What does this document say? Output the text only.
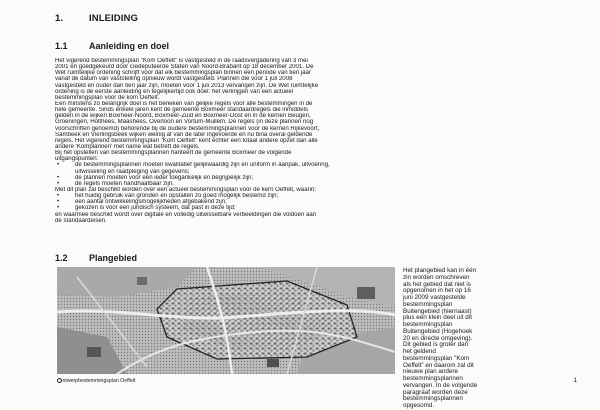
1.	INLEIDING
1.1 Aanleiding en doel
Het vigerend bestemmingsplan "Kom Oeffelt" is vastgesteld in de raadsvergadering van 3 mei
2001 en goedgekeurd door Gedeputeerde Staten van Noord-Brabant op 18 december 2001. De
Wet ruimtelijke ordening schrijft voor dat elk bestemmingsplan binnen een periode van tien jaar
vanaf de datum van vaststelling opnieuw wordt vastgesteld. Plannen die voor 1 juli 2008
vastgesteld en ouder dan tien jaar zijn, moeten voor 1 juli 2013 vervangen zijn. De Wet ruimtelijke
ordening is de eerste aanleiding en tegelijkertijd ook doel: het verkrijgen van een actueel
bestemmingsplan voor de kom Oeffelt.
Een minstens zo belangrijk doel is het bereiken van gelijke regels voor alle bestemmingen in de
hele gemeente. Sinds enkele jaren kent de gemeente Boxmeer standaardregels die inmiddels
gelden in de wijken Boxmeer-Noord, Boxmeer-Zuid en Boxmeer-Oost en in de kernen Beugen,
Groeningen, Holthees, Maashees, Overloon en Vortum-Mullem. De regels (in deze plannen nog
voorschriften genoemd) behorende bij de oudere bestemmingsplannen voor de kernen Rijkevoort,
Sambeek en Vierlingsbeek wijken weinig af van de later ingevoerde en nu bina overal geldende
regels. Het vigerend bestemmingsplan "Kom Oeffelt" kent echter een totaal andere opzet dan alle
andere 'Komplannen' met name wat betreft de regels.
Bij het opstellen van bestemmingsplannen hanteert de gemeente Boxmeer de volgende
uitgangspunten:
•	de bestemmingsplannen moeten kwalitatief gelijkwaardig zijn en uniform in aanpak, uitvoering,
uitwisseling en raadpleging van gegevens;
•	de plannen moeten voor een ieder toegankelijk en begrijpelijk zijn;
•	de regels moeten handhaafbaar zijn.
Met dit plan zal beschikt worden over een actueel bestemmingsplan voor de kern Oeffelt, waarin:
•	het huidig gebruik van gronden en opstallen zo goed mogelijk bestemd zijn;
•	een aantal ontwikkelingsmogelijkheden afgebakend zijn;
•	gekozen is voor een juridisch systeem, dat past in deze tijd;
en waarmee beschikt wordt over digitale en volledig uitwisselbare verbeeldingen die voldoen aan
de standaardeisen.
1.2 Plangebied
Het plangebied kan in één
zin worden omschreven
als het gebied dat niet is
opgenomen in het op 16
juni 2009 vastgestelde
bestemmingsplan
Buitengebied (hiernaast)
plus een klein deel uit dit
bestemmingsplan
Buitengebied (Hogehoek
20 en directe omgeving).
Dit gebied is groter dan
het geldend
bestemmingsplan "Kom
Oeffelt" en daarom zal dit
nieuwe plan andere
bestemmingsplannen
vervangen. In de volgende
paragraaf worden deze
bestemmingsplannen
opgesomd.
ntwerpbestemmingsplan Oeffelt	1
